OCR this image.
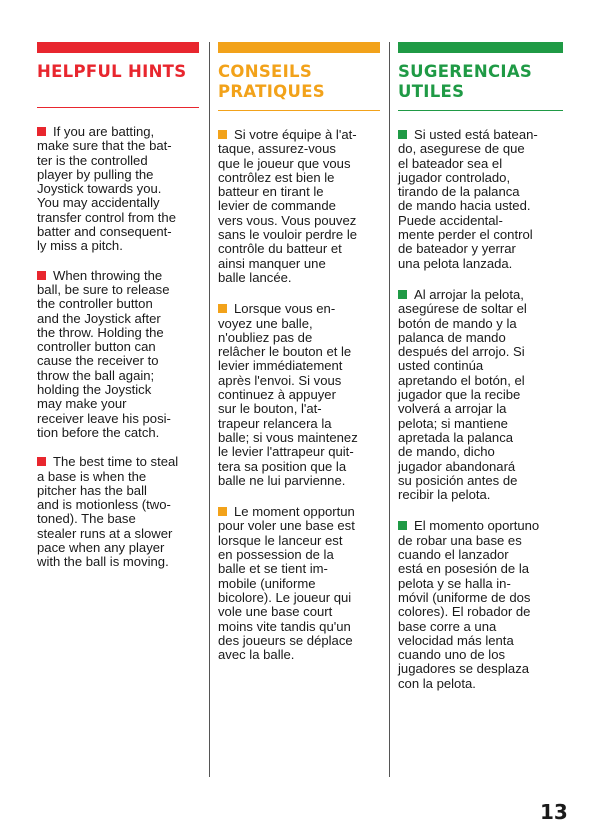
HELPFUL HINTS

If you are batting,
make sure that the bat-
ter is the controlled
player by pulling the
Joystick towards you.
You may accidentally
transfer control from the
batter and consequent-
ly miss a pitch.

When throwing the
ball, be sure to release
the controller button
and the Joystick after
the throw. Holding the
controller button can
cause the receiver to
throw the ball again;
holding the Joystick
may make your
receiver leave his posi-
tion before the catch.

The best time to steal
a base is when the
pitcher has the ball
and is motionless (two-
toned). The base
stealer runs at a slower
pace when any player
with the ball is moving.

CONSEILS
PRATIQUES

Si votre équipe à l'at-
taque, assurez-vous
que le joueur que vous
contrôlez est bien le
batteur en tirant le
levier de commande
vers vous. Vous pouvez
sans le vouloir perdre le
contrôle du batteur et
ainsi manquer une
balle lancée.

Lorsque vous en-
voyez une balle,
n'oubliez pas de
relâcher le bouton et le
levier immédiatement
après l'envoi. Si vous
continuez à appuyer
sur le bouton, l'at-
trapeur relancera la
balle; si vous maintenez
le levier l'attrapeur quit-
tera sa position que la
balle ne lui parvienne.

Le moment opportun
pour voler une base est
lorsque le lanceur est
en possession de la
balle et se tient im-
mobile (uniforme
bicolore). Le joueur qui
vole une base court
moins vite tandis qu'un
des joueurs se déplace
avec la balle.

SUGERENCIAS
UTILES

Si usted está batean-
do, asegurese de que
el bateador sea el
jugador controlado,
tirando de la palanca
de mando hacia usted.
Puede accidental-
mente perder el control
de bateador y yerrar
una pelota lanzada.

Al arrojar la pelota,
asegúrese de soltar el
botón de mando y la
palanca de mando
después del arrojo. Si
usted continúa
apretando el botón, el
jugador que la recibe
volverá a arrojar la
pelota; si mantiene
apretada la palanca
de mando, dicho
jugador abandonará
su posición antes de
recibir la pelota.

El momento oportuno
de robar una base es
cuando el lanzador
está en posesión de la
pelota y se halla in-
móvil (uniforme de dos
colores). El robador de
base corre a una
velocidad más lenta
cuando uno de los
jugadores se desplaza
con la pelota.

13
